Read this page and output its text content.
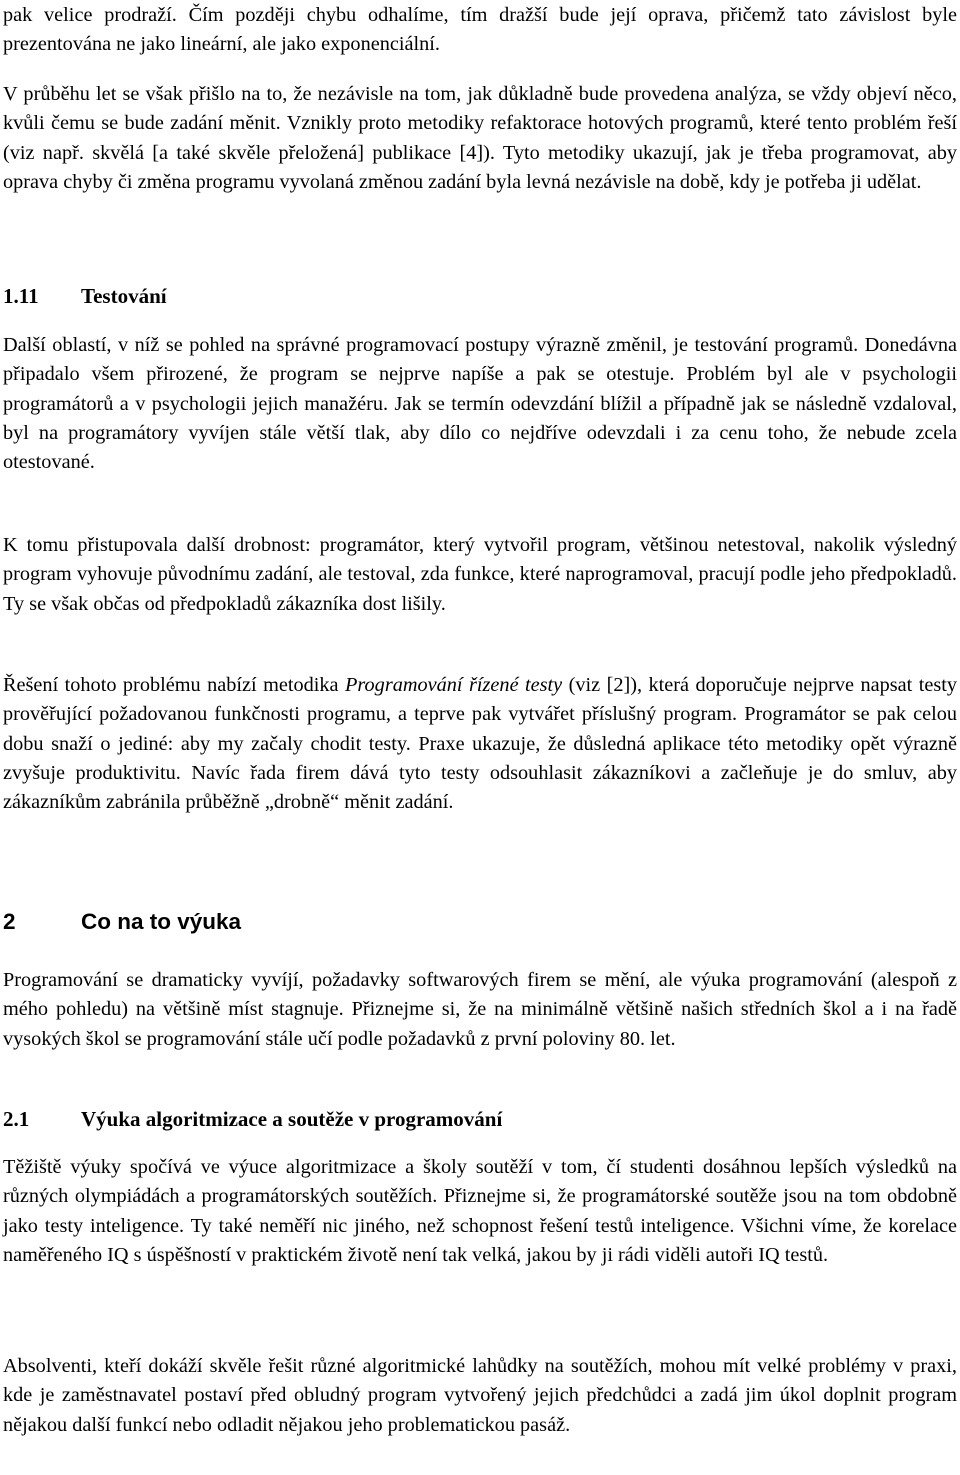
pak velice prodraží. Čím později chybu odhalíme, tím dražší bude její oprava, přičemž tato závislost byle prezentována ne jako lineární, ale jako exponenciální.

V průběhu let se však přišlo na to, že nezávisle na tom, jak důkladně bude provedena analýza, se vždy objeví něco, kvůli čemu se bude zadání měnit. Vznikly proto metodiky refaktorace hotových programů, které tento problém řeší (viz např. skvělá [a také skvěle přeložená] publikace [4]). Tyto metodiky ukazují, jak je třeba programovat, aby oprava chyby či změna programu vyvolaná změnou zadání byla levná nezávisle na době, kdy je potřeba ji udělat.

1.11 Testování

Další oblastí, v níž se pohled na správné programovací postupy výrazně změnil, je testování programů. Donedávna připadalo všem přirozené, že program se nejprve napíše a pak se otestuje. Problém byl ale v psychologii programátorů a v psychologii jejich manažéru. Jak se termín odevzdání blížil a případně jak se následně vzdaloval, byl na programátory vyvíjen stále větší tlak, aby dílo co nejdříve odevzdali i za cenu toho, že nebude zcela otestované.

K tomu přistupovala další drobnost: programátor, který vytvořil program, většinou netestoval, nakolik výsledný program vyhovuje původnímu zadání, ale testoval, zda funkce, které naprogramoval, pracují podle jeho předpokladů. Ty se však občas od předpokladů zákazníka dost lišily.

Řešení tohoto problému nabízí metodika Programování řízené testy (viz [2]), která doporučuje nejprve napsat testy prověřující požadovanou funkčnosti programu, a teprve pak vytvářet příslušný program. Programátor se pak celou dobu snaží o jediné: aby my začaly chodit testy. Praxe ukazuje, že důsledná aplikace této metodiky opět výrazně zvyšuje produktivitu. Navíc řada firem dává tyto testy odsouhlasit zákazníkovi a začleňuje je do smluv, aby zákazníkům zabránila průběžně „drobně“ měnit zadání.

2	Co na to výuka

Programování se dramaticky vyvíjí, požadavky softwarových firem se mění, ale výuka programování (alespoň z mého pohledu) na většině míst stagnuje. Přiznejme si, že na minimálně většině našich středních škol a i na řadě vysokých škol se programování stále učí podle požadavků z první poloviny 80. let.

2.1 Výuka algoritmizace a soutěže v programování

Těžiště výuky spočívá ve výuce algoritmizace a školy soutěží v tom, čí studenti dosáhnou lepších výsledků na různých olympiádách a programátorských soutěžích. Přiznejme si, že programátorské soutěže jsou na tom obdobně jako testy inteligence. Ty také neměří nic jiného, než schopnost řešení testů inteligence. Všichni víme, že korelace naměřeného IQ s úspěšností v praktickém životě není tak velká, jakou by ji rádi viděli autoři IQ testů.

Absolventi, kteří dokáží skvěle řešit různé algoritmické lahůdky na soutěžích, mohou mít velké problémy v praxi, kde je zaměstnavatel postaví před obludný program vytvořený jejich předchůdci a zadá jim úkol doplnit program nějakou další funkcí nebo odladit nějakou jeho problematickou pasáž.
